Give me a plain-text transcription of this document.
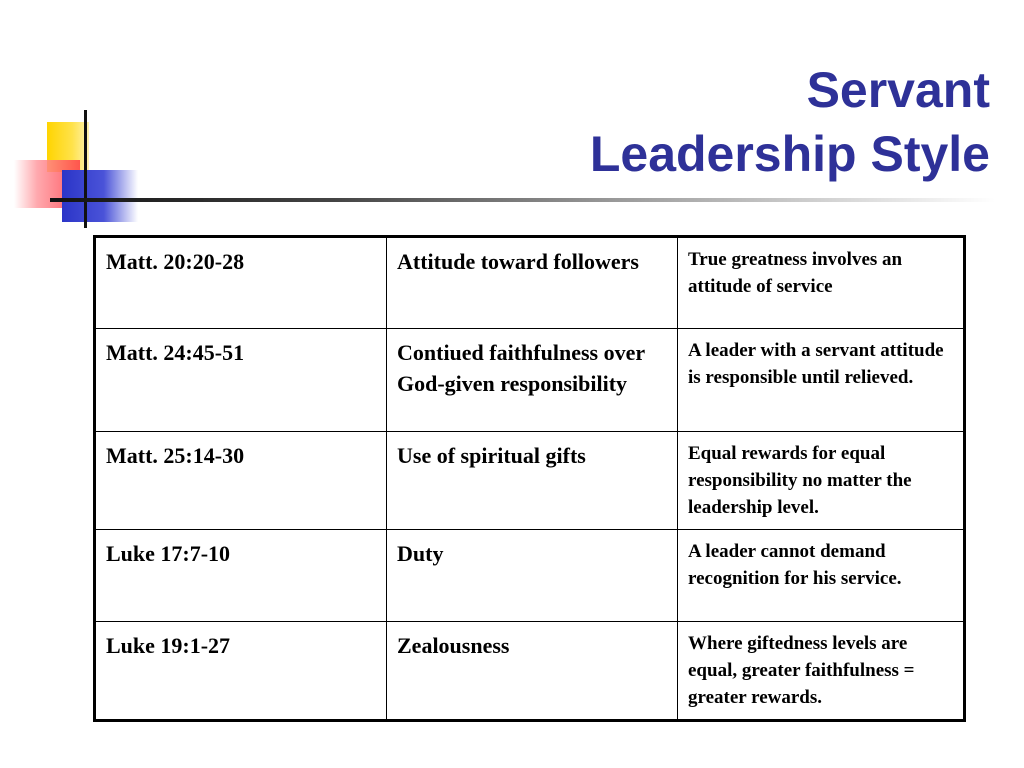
Servant
Leadership Style
Matt. 20:20-28	Attitude toward followers	True greatness involves an attitude of service
Matt. 24:45-51	Contiued faithfulness over God-given responsibility	A leader with a servant attitude is responsible until relieved.
Matt. 25:14-30	Use of spiritual gifts	Equal rewards for equal responsibility no matter the leadership level.
Luke 17:7-10	Duty	A leader cannot demand recognition for his service.
Luke 19:1-27	Zealousness	Where giftedness levels are equal, greater faithfulness = greater rewards.
